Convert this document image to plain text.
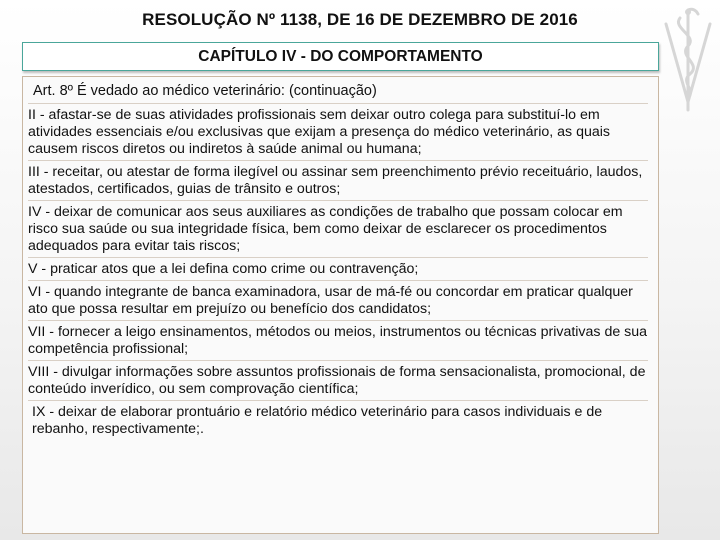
RESOLUÇÃO Nº 1138, DE 16 DE DEZEMBRO DE 2016
CAPÍTULO IV - DO COMPORTAMENTO
Art. 8º É vedado ao médico veterinário: (continuação)
II - afastar-se de suas atividades profissionais sem deixar outro colega para substituí-lo em atividades essenciais e/ou exclusivas que exijam a presença do médico veterinário, as quais causem riscos diretos ou indiretos à saúde animal ou humana;
III - receitar, ou atestar de forma ilegível ou assinar sem preenchimento prévio receituário, laudos, atestados, certificados, guias de trânsito e outros;
IV - deixar de comunicar aos seus auxiliares as condições de trabalho que possam colocar em risco sua saúde ou sua integridade física, bem como deixar de esclarecer os procedimentos adequados para evitar tais riscos;
V - praticar atos que a lei defina como crime ou contravenção;
VI - quando integrante de banca examinadora, usar de má-fé ou concordar em praticar qualquer ato que possa resultar em prejuízo ou benefício dos candidatos;
VII - fornecer a leigo ensinamentos, métodos ou meios, instrumentos ou técnicas privativas de sua competência profissional;
VIII - divulgar informações sobre assuntos profissionais de forma sensacionalista, promocional, de conteúdo inverídico, ou sem comprovação científica;
IX - deixar de elaborar prontuário e relatório médico veterinário para casos individuais e de rebanho, respectivamente;.
